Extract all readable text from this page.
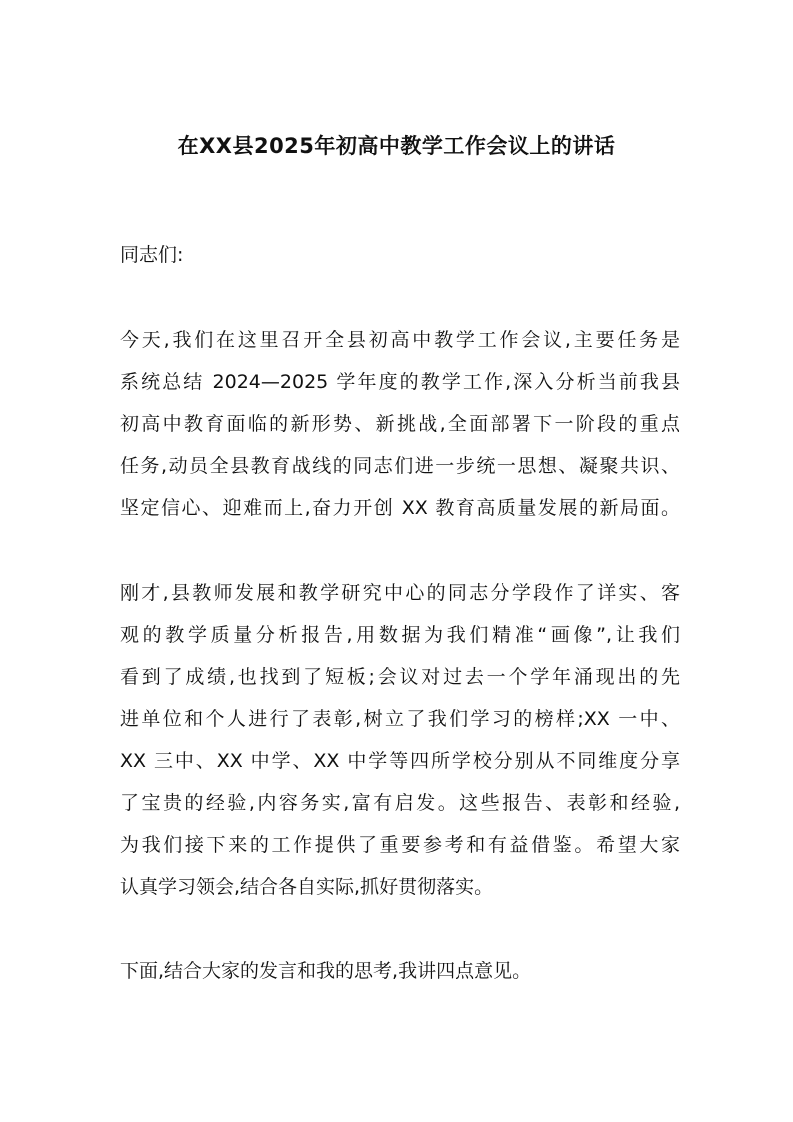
在XX县2025年初高中教学工作会议上的讲话
同志们:
今天,我们在这里召开全县初高中教学工作会议,主要任务是
系统总结 2024—2025 学年度的教学工作,深入分析当前我县
初高中教育面临的新形势、新挑战,全面部署下一阶段的重点
任务,动员全县教育战线的同志们进一步统一思想、凝聚共识、
坚定信心、迎难而上,奋力开创 XX 教育高质量发展的新局面。
刚才,县教师发展和教学研究中心的同志分学段作了详实、客
观的教学质量分析报告,用数据为我们精准“画像”,让我们
看到了成绩,也找到了短板;会议对过去一个学年涌现出的先
进单位和个人进行了表彰,树立了我们学习的榜样;XX 一中、
XX 三中、XX 中学、XX 中学等四所学校分别从不同维度分享
了宝贵的经验,内容务实,富有启发。这些报告、表彰和经验,
为我们接下来的工作提供了重要参考和有益借鉴。希望大家
认真学习领会,结合各自实际,抓好贯彻落实。
下面,结合大家的发言和我的思考,我讲四点意见。
